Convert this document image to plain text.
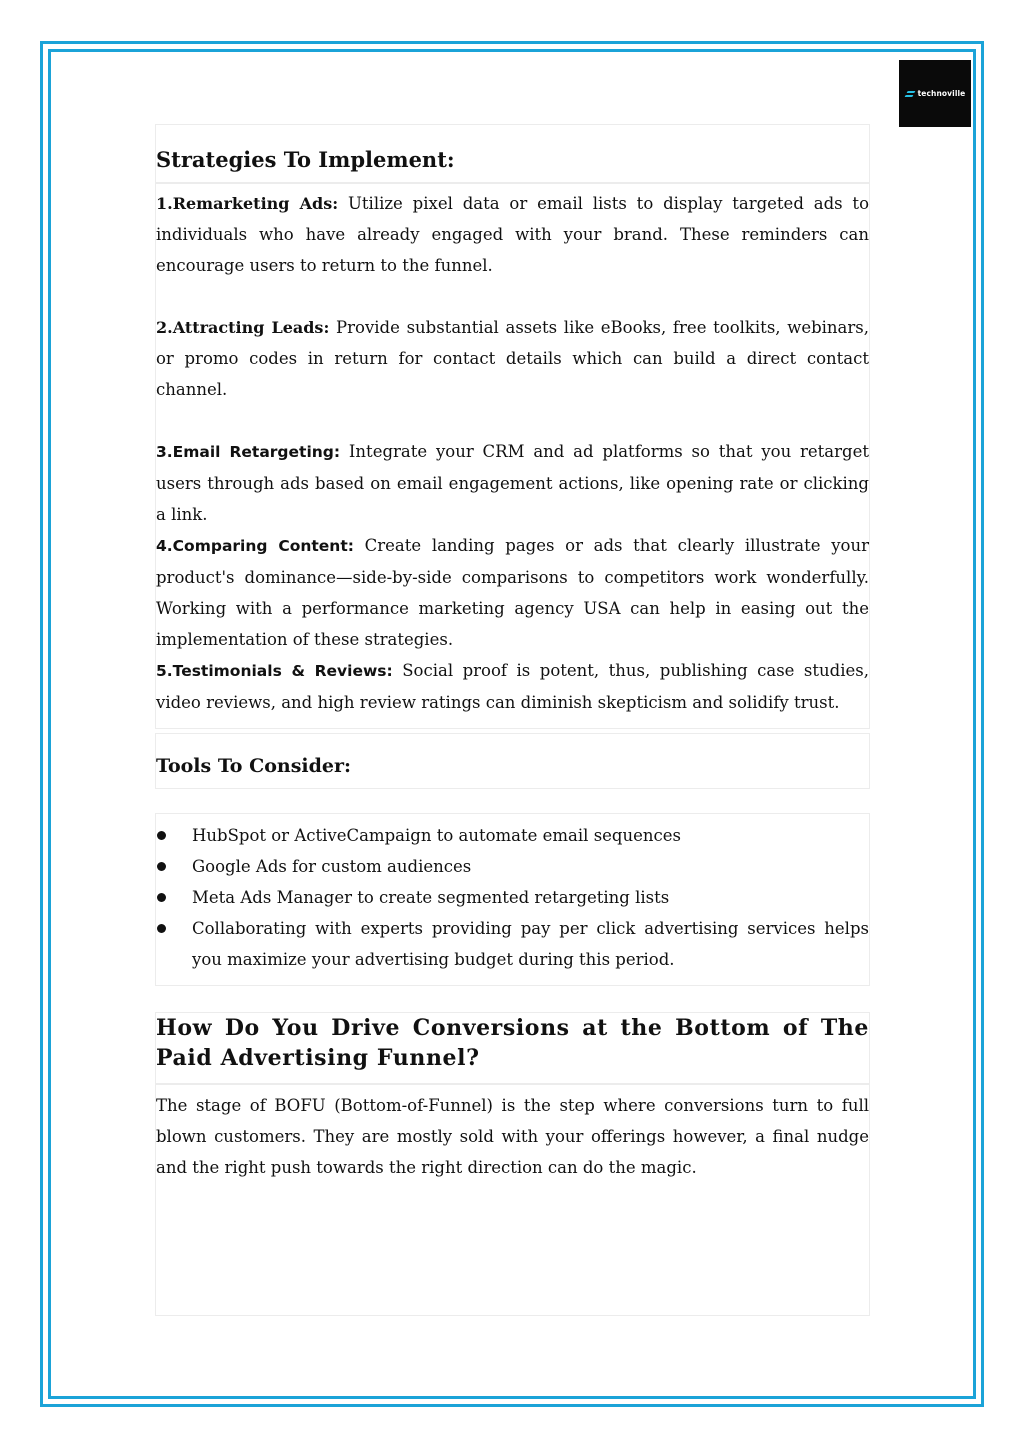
technoville
Strategies To Implement:

1.Remarketing Ads: Utilize pixel data or email lists to display targeted ads to individuals who have already engaged with your brand. These reminders can encourage users to return to the funnel.

2.Attracting Leads: Provide substantial assets like eBooks, free toolkits, webinars, or promo codes in return for contact details which can build a direct contact channel.

3.Email Retargeting: Integrate your CRM and ad platforms so that you retarget users through ads based on email engagement actions, like opening rate or clicking a link.

4.Comparing Content: Create landing pages or ads that clearly illustrate your product's dominance—side-by-side comparisons to competitors work wonderfully. Working with a performance marketing agency USA can help in easing out the implementation of these strategies.

5.Testimonials & Reviews: Social proof is potent, thus, publishing case studies, video reviews, and high review ratings can diminish skepticism and solidify trust.

Tools To Consider:
HubSpot or ActiveCampaign to automate email sequences
Google Ads for custom audiences
Meta Ads Manager to create segmented retargeting lists
Collaborating with experts providing pay per click advertising services helps you maximize your advertising budget during this period.
How Do You Drive Conversions at the Bottom of The Paid Advertising Funnel?

The stage of BOFU (Bottom-of-Funnel) is the step where conversions turn to full blown customers. They are mostly sold with your offerings however, a final nudge and the right push towards the right direction can do the magic.
